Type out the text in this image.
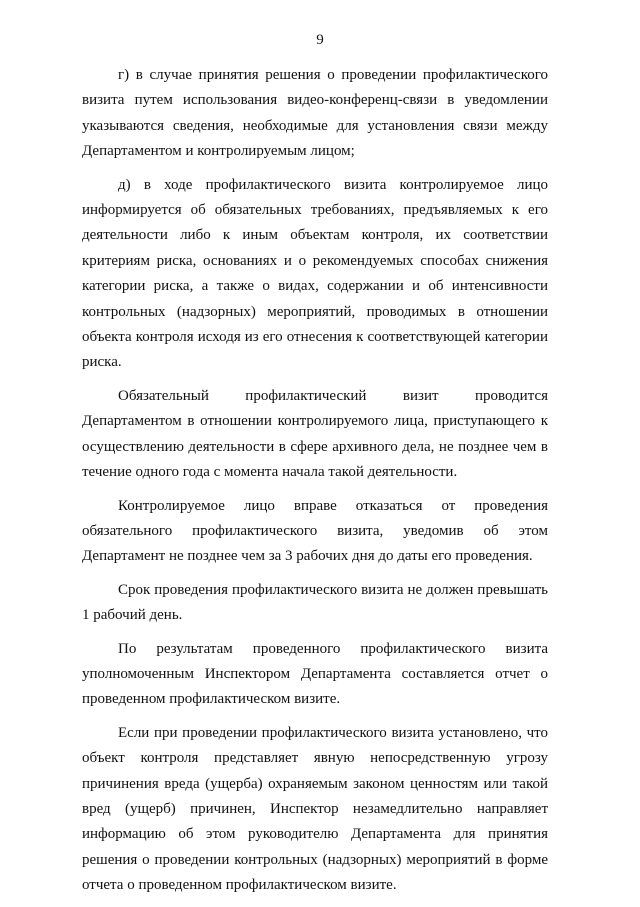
9

г) в случае принятия решения о проведении профилактического визита путем использования видео-конференц-связи в уведомлении указываются сведения, необходимые для установления связи между Департаментом и контролируемым лицом;

д) в ходе профилактического визита контролируемое лицо информируется об обязательных требованиях, предъявляемых к его деятельности либо к иным объектам контроля, их соответствии критериям риска, основаниях и о рекомендуемых способах снижения категории риска, а также о видах, содержании и об интенсивности контрольных (надзорных) мероприятий, проводимых в отношении объекта контроля исходя из его отнесения к соответствующей категории риска.

Обязательный профилактический визит проводится Департаментом в отношении контролируемого лица, приступающего к осуществлению деятельности в сфере архивного дела, не позднее чем в течение одного года с момента начала такой деятельности.

Контролируемое лицо вправе отказаться от проведения обязательного профилактического визита, уведомив об этом Департамент не позднее чем за 3 рабочих дня до даты его проведения.

Срок проведения профилактического визита не должен превышать 1 рабочий день.

По результатам проведенного профилактического визита уполномоченным Инспектором Департамента составляется отчет о проведенном профилактическом визите.

Если при проведении профилактического визита установлено, что объект контроля представляет явную непосредственную угрозу причинения вреда (ущерба) охраняемым законом ценностям или такой вред (ущерб) причинен, Инспектор незамедлительно направляет информацию об этом руководителю Департамента для принятия решения о проведении контрольных (надзорных) мероприятий в форме отчета о проведенном профилактическом визите.
